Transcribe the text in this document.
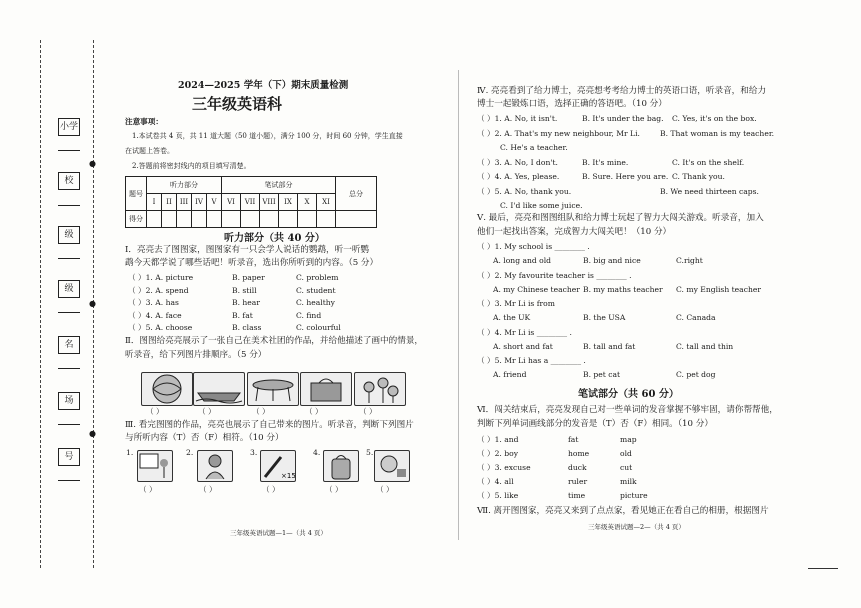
●
●
●
小学
校
级
级
名
场
号
2024—2025 学年（下）期末质量检测
三年级英语科
注意事项：
1.本试卷共 4 页，共 11 道大题（50 道小题），满分 100 分，时间 60 分钟，学生直接
在试题上答卷。
2.答题前将密封线内的项目填写清楚。
题号	听力部分					笔试部分						总分
	I	II	III	IV	V	VI	VII	VIII	IX	X	XI	
得分												
听力部分（共 40 分）
Ⅰ．亮亮去了图图家，图图家有一只会学人说话的鹦鹉，听一听鹦
鹉今天都学说了哪些话吧！听录音，选出你所听到的内容。（5 分）
（ ）1. A. picture	B. paper	C. problem
（ ）2. A. spend	B. still	C. student
（ ）3. A. has	B. hear	C. healthy
（ ）4. A. face	B. fat	C. find
（ ）5. A. choose	B. class	C. colourful
Ⅱ．图图给亮亮展示了一张自己在美术社团的作品，并给他描述了画中的情景，
听录音，给下列图片排顺序。（5 分）
（ ）	（ ）	（ ）	（ ）	（ ）
Ⅲ. 看完图图的作品，亮亮也展示了自己带来的图片。听录音，判断下列图片
与所听内容（T）否（F）相符。（10 分）
1.	2.	3.
×15
4.	5.
（ ）	（ ）	（ ）	（ ）	（ ）
三年级英语试题—1—（共 4 页）
Ⅳ. 亮亮看到了给力博士，亮亮想考考给力博士的英语口语，听录音，和给力
博士一起锻炼口语，选择正确的答语吧。（10 分）
（ ）1. A. No, it isn't.	B. It's under the bag. C. Yes, it's on the box.
（ ）2. A. That's my new neighbour, Mr Li.	B. That woman is my teacher.
C. He's a teacher.
（ ）3. A. No, I don't.	B. It's mine.	C. It's on the shelf.
（ ）4. A. Yes, please.	B. Sure. Here you are. C. Thank you.
（ ）5. A. No, thank you.	B. We need thirteen caps.
C. I'd like some juice.
Ⅴ. 最后，亮亮和图图组队和给力博士玩起了智力大闯关游戏。听录音，加入
他们一起找出答案，完成智力大闯关吧！（10 分）
（ ）1. My school is ________ .
A. long and old	B. big and nice	C.right
（ ）2. My favourite teacher is ________ .
A. my Chinese teacher B. my maths teacher C. my English teacher
（ ）3. Mr Li is from
A. the UK	B. the USA	C. Canada
（ ）4. Mr Li is ________ .
A. short and fat	B. tall and fat	C. tall and thin
（ ）5. Mr Li has a ________ .
A. friend	B. pet cat	C. pet dog
笔试部分（共 60 分）
Ⅵ．闯关结束后，亮亮发现自己对一些单词的发音掌握不够牢固，请你帮帮他，
判断下列单词画线部分的发音是（T）否（F）相同。（10 分）
（ ）1. and	fat	map
（ ）2. boy	home	old
（ ）3. excuse	duck	cut
（ ）4. all	ruler	milk
（ ）5. like	time	picture
Ⅶ. 离开图图家，亮亮又来到了点点家，看见她正在看自己的相册，根据图片
三年级英语试题—2—（共 4 页）
